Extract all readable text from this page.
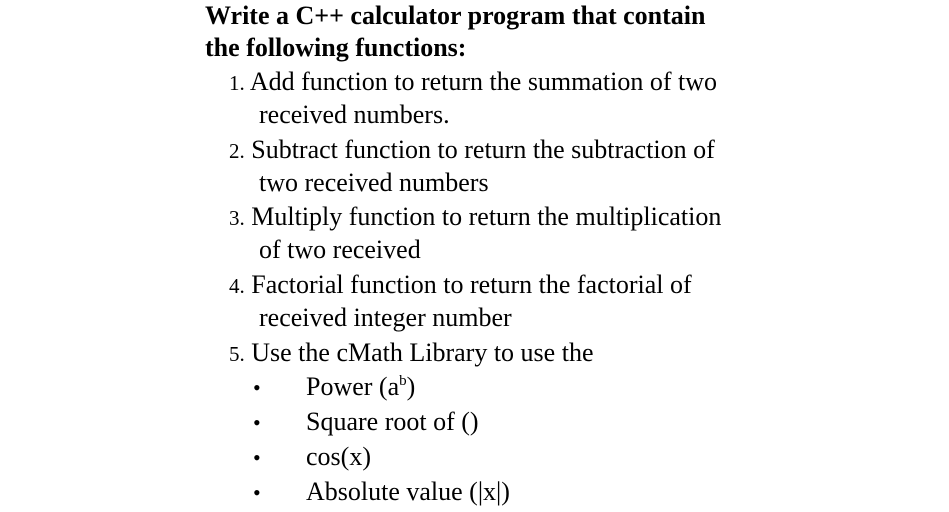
Write a C++ calculator program that contain
the following functions:
1. Add function to return the summation of two
received numbers.
2. Subtract function to return the subtraction of
two received numbers
3. Multiply function to return the multiplication
of two received
4. Factorial function to return the factorial of
received integer number
5. Use the cMath Library to use the
• Power $(a^b)$
• Square root of ()
• cos(x)
• Absolute value (|x|)
